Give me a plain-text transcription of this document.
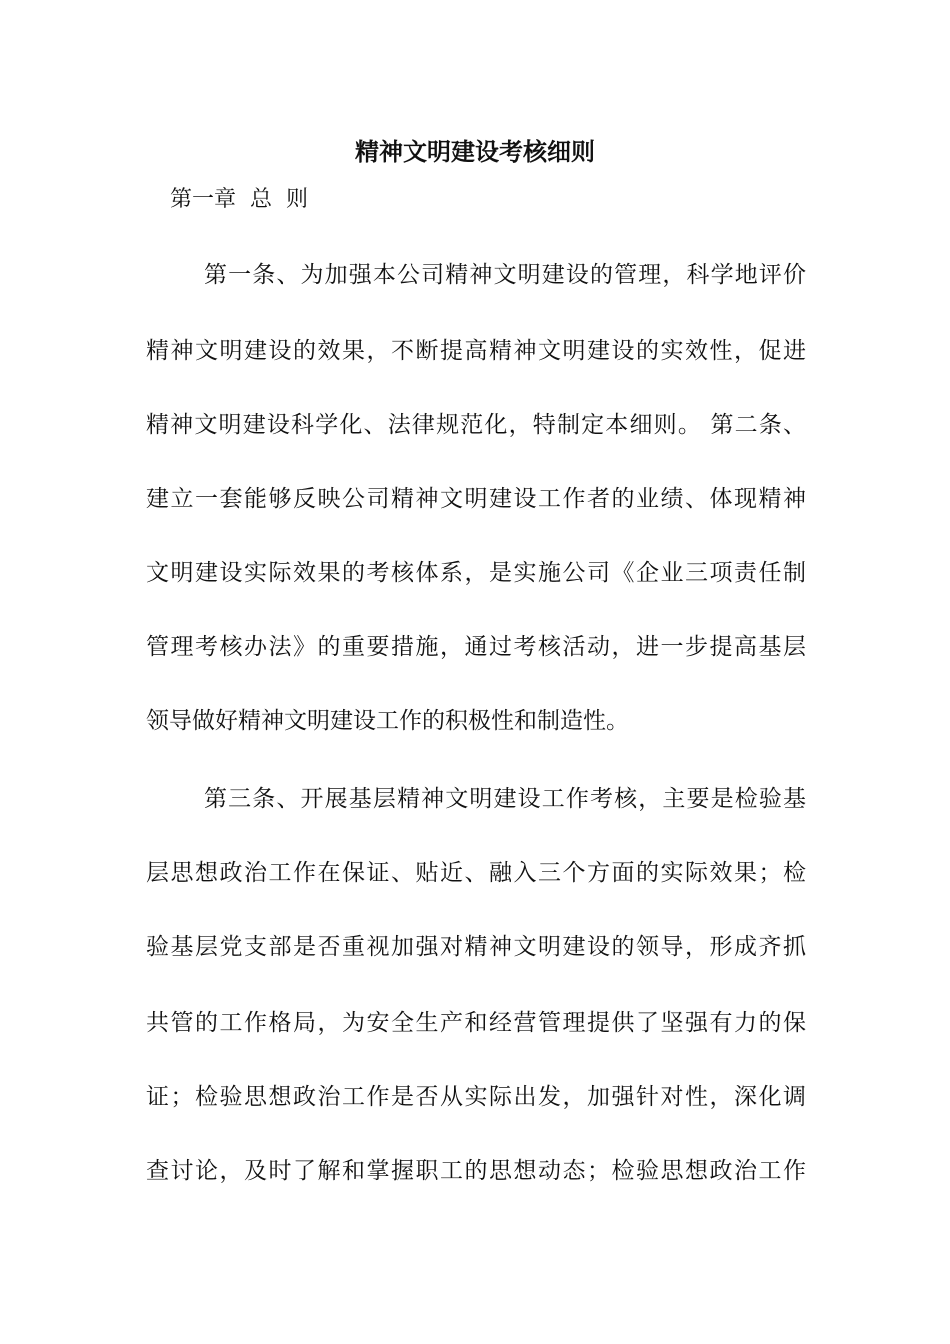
精神文明建设考核细则
第一章  总  则
第一条、为加强本公司精神文明建设的管理，科学地评价
精神文明建设的效果，不断提高精神文明建设的实效性，促进
精神文明建设科学化、法律规范化，特制定本细则。 第二条、
建立一套能够反映公司精神文明建设工作者的业绩、体现精神
文明建设实际效果的考核体系，是实施公司《企业三项责任制
管理考核办法》的重要措施，通过考核活动，进一步提高基层
领导做好精神文明建设工作的积极性和制造性。
第三条、开展基层精神文明建设工作考核，主要是检验基
层思想政治工作在保证、贴近、融入三个方面的实际效果；检
验基层党支部是否重视加强对精神文明建设的领导，形成齐抓
共管的工作格局，为安全生产和经营管理提供了坚强有力的保
证；检验思想政治工作是否从实际出发，加强针对性，深化调
查讨论，及时了解和掌握职工的思想动态；检验思想政治工作
